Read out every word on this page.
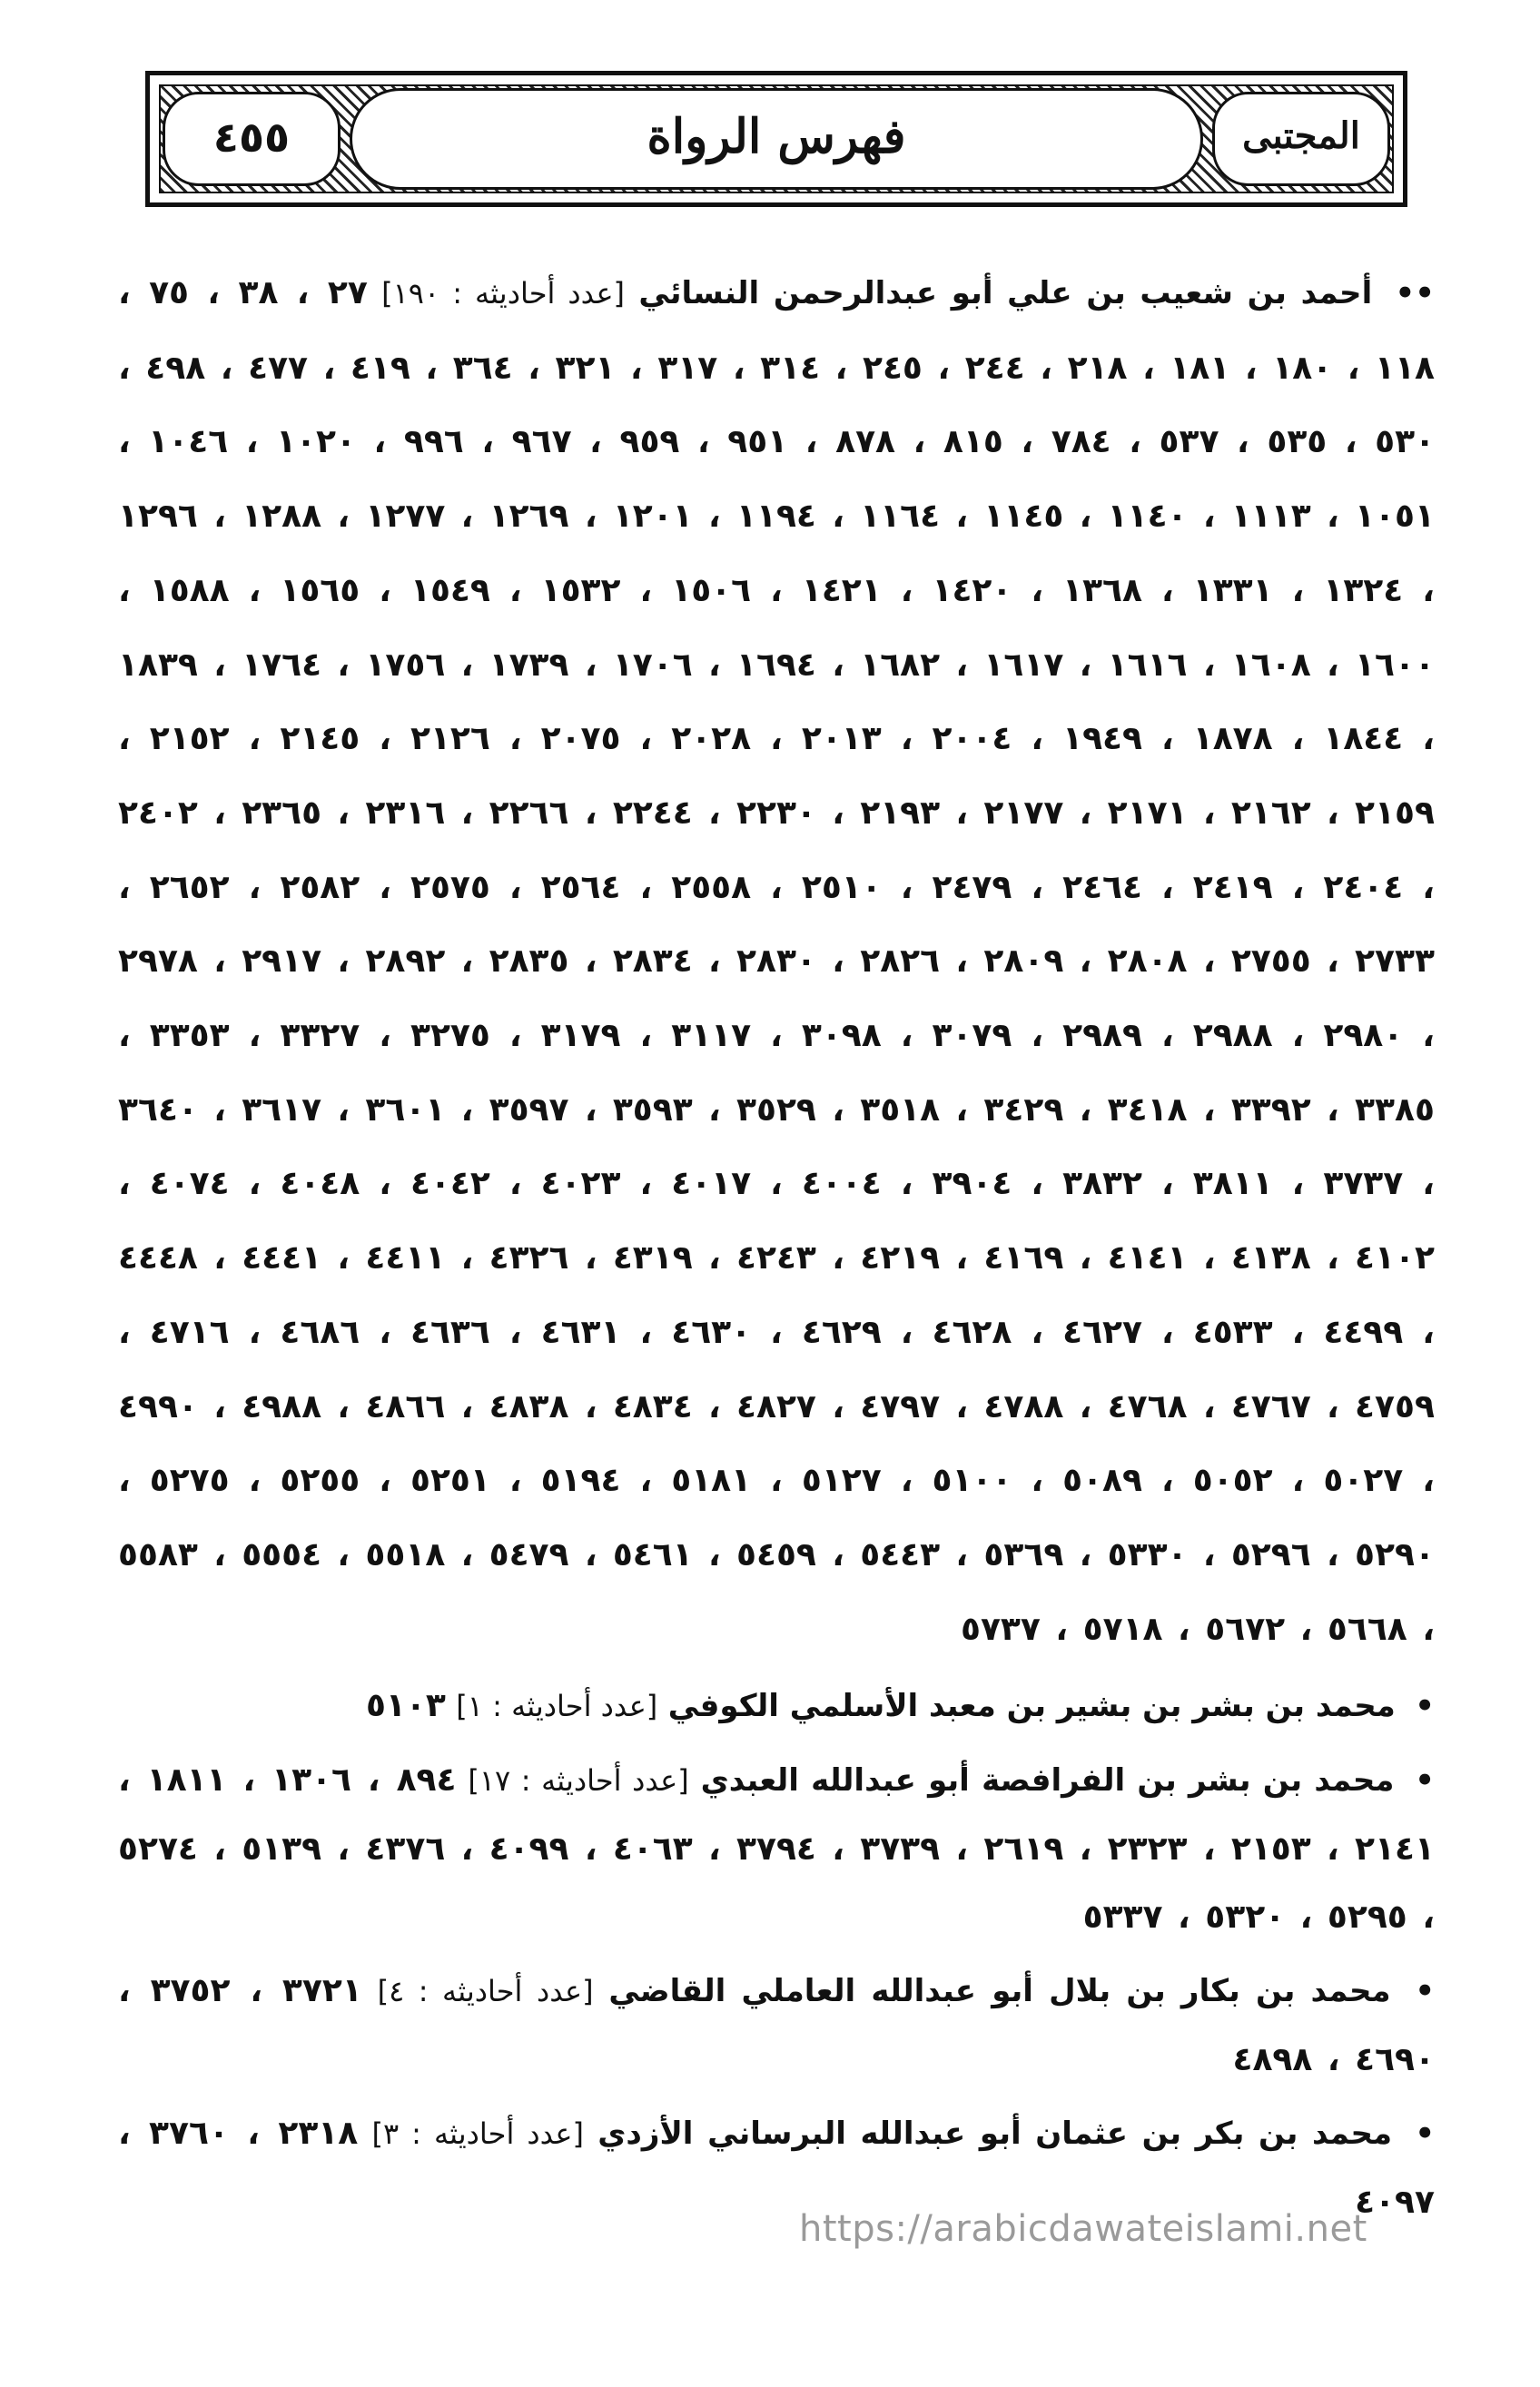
٤٥٥	فهرس الرواة	المجتبى

•• أحمد بن شعيب بن علي أبو عبدالرحمن النسائي [عدد أحاديثه : ١٩٠] ٢٧ ، ٣٨ ، ٧٥ ، ١١٨ ، ١٨٠ ، ١٨١ ، ٢١٨ ، ٢٤٤ ، ٢٤٥ ، ٣١٤ ، ٣١٧ ، ٣٢١ ، ٣٦٤ ، ٤١٩ ، ٤٧٧ ، ٤٩٨ ، ٥٣٠ ، ٥٣٥ ، ٥٣٧ ، ٧٨٤ ، ٨١٥ ، ٨٧٨ ، ٩٥١ ، ٩٥٩ ، ٩٦٧ ، ٩٩٦ ، ١٠٢٠ ، ١٠٤٦ ، ١٠٥١ ، ١١١٣ ، ١١٤٠ ، ١١٤٥ ، ١١٦٤ ، ١١٩٤ ، ١٢٠١ ، ١٢٦٩ ، ١٢٧٧ ، ١٢٨٨ ، ١٢٩٦ ، ١٣٢٤ ، ١٣٣١ ، ١٣٦٨ ، ١٤٢٠ ، ١٤٢١ ، ١٥٠٦ ، ١٥٣٢ ، ١٥٤٩ ، ١٥٦٥ ، ١٥٨٨ ، ١٦٠٠ ، ١٦٠٨ ، ١٦١٦ ، ١٦١٧ ، ١٦٨٢ ، ١٦٩٤ ، ١٧٠٦ ، ١٧٣٩ ، ١٧٥٦ ، ١٧٦٤ ، ١٨٣٩ ، ١٨٤٤ ، ١٨٧٨ ، ١٩٤٩ ، ٢٠٠٤ ، ٢٠١٣ ، ٢٠٢٨ ، ٢٠٧٥ ، ٢١٢٦ ، ٢١٤٥ ، ٢١٥٢ ، ٢١٥٩ ، ٢١٦٢ ، ٢١٧١ ، ٢١٧٧ ، ٢١٩٣ ، ٢٢٣٠ ، ٢٢٤٤ ، ٢٢٦٦ ، ٢٣١٦ ، ٢٣٦٥ ، ٢٤٠٢ ، ٢٤٠٤ ، ٢٤١٩ ، ٢٤٦٤ ، ٢٤٧٩ ، ٢٥١٠ ، ٢٥٥٨ ، ٢٥٦٤ ، ٢٥٧٥ ، ٢٥٨٢ ، ٢٦٥٢ ، ٢٧٣٣ ، ٢٧٥٥ ، ٢٨٠٨ ، ٢٨٠٩ ، ٢٨٢٦ ، ٢٨٣٠ ، ٢٨٣٤ ، ٢٨٣٥ ، ٢٨٩٢ ، ٢٩١٧ ، ٢٩٧٨ ، ٢٩٨٠ ، ٢٩٨٨ ، ٢٩٨٩ ، ٣٠٧٩ ، ٣٠٩٨ ، ٣١١٧ ، ٣١٧٩ ، ٣٢٧٥ ، ٣٣٢٧ ، ٣٣٥٣ ، ٣٣٨٥ ، ٣٣٩٢ ، ٣٤١٨ ، ٣٤٢٩ ، ٣٥١٨ ، ٣٥٢٩ ، ٣٥٩٣ ، ٣٥٩٧ ، ٣٦٠١ ، ٣٦١٧ ، ٣٦٤٠ ، ٣٧٣٧ ، ٣٨١١ ، ٣٨٣٢ ، ٣٩٠٤ ، ٤٠٠٤ ، ٤٠١٧ ، ٤٠٢٣ ، ٤٠٤٢ ، ٤٠٤٨ ، ٤٠٧٤ ، ٤١٠٢ ، ٤١٣٨ ، ٤١٤١ ، ٤١٦٩ ، ٤٢١٩ ، ٤٢٤٣ ، ٤٣١٩ ، ٤٣٢٦ ، ٤٤١١ ، ٤٤٤١ ، ٤٤٤٨ ، ٤٤٩٩ ، ٤٥٣٣ ، ٤٦٢٧ ، ٤٦٢٨ ، ٤٦٢٩ ، ٤٦٣٠ ، ٤٦٣١ ، ٤٦٣٦ ، ٤٦٨٦ ، ٤٧١٦ ، ٤٧٥٩ ، ٤٧٦٧ ، ٤٧٦٨ ، ٤٧٨٨ ، ٤٧٩٧ ، ٤٨٢٧ ، ٤٨٣٤ ، ٤٨٣٨ ، ٤٨٦٦ ، ٤٩٨٨ ، ٤٩٩٠ ، ٥٠٢٧ ، ٥٠٥٢ ، ٥٠٨٩ ، ٥١٠٠ ، ٥١٢٧ ، ٥١٨١ ، ٥١٩٤ ، ٥٢٥١ ، ٥٢٥٥ ، ٥٢٧٥ ، ٥٢٩٠ ، ٥٢٩٦ ، ٥٣٣٠ ، ٥٣٦٩ ، ٥٤٤٣ ، ٥٤٥٩ ، ٥٤٦١ ، ٥٤٧٩ ، ٥٥١٨ ، ٥٥٥٤ ، ٥٥٨٣ ، ٥٦٦٨ ، ٥٦٧٢ ، ٥٧١٨ ، ٥٧٣٧

• محمد بن بشر بن بشير بن معبد الأسلمي الكوفي [عدد أحاديثه : ١] ٥١٠٣

• محمد بن بشر بن الفرافصة أبو عبدالله العبدي [عدد أحاديثه : ١٧] ٨٩٤ ، ١٣٠٦ ، ١٨١١ ، ٢١٤١ ، ٢١٥٣ ، ٢٣٢٣ ، ٢٦١٩ ، ٣٧٣٩ ، ٣٧٩٤ ، ٤٠٦٣ ، ٤٠٩٩ ، ٤٣٧٦ ، ٥١٣٩ ، ٥٢٧٤ ، ٥٢٩٥ ، ٥٣٢٠ ، ٥٣٣٧

• محمد بن بكار بن بلال أبو عبدالله العاملي القاضي [عدد أحاديثه : ٤] ٣٧٢١ ، ٣٧٥٢ ، ٤٦٩٠ ، ٤٨٩٨

• محمد بن بكر بن عثمان أبو عبدالله البرساني الأزدي [عدد أحاديثه : ٣] ٢٣١٨ ، ٣٧٦٠ ، ٤٠٩٧

https://arabicdawateislami.net
